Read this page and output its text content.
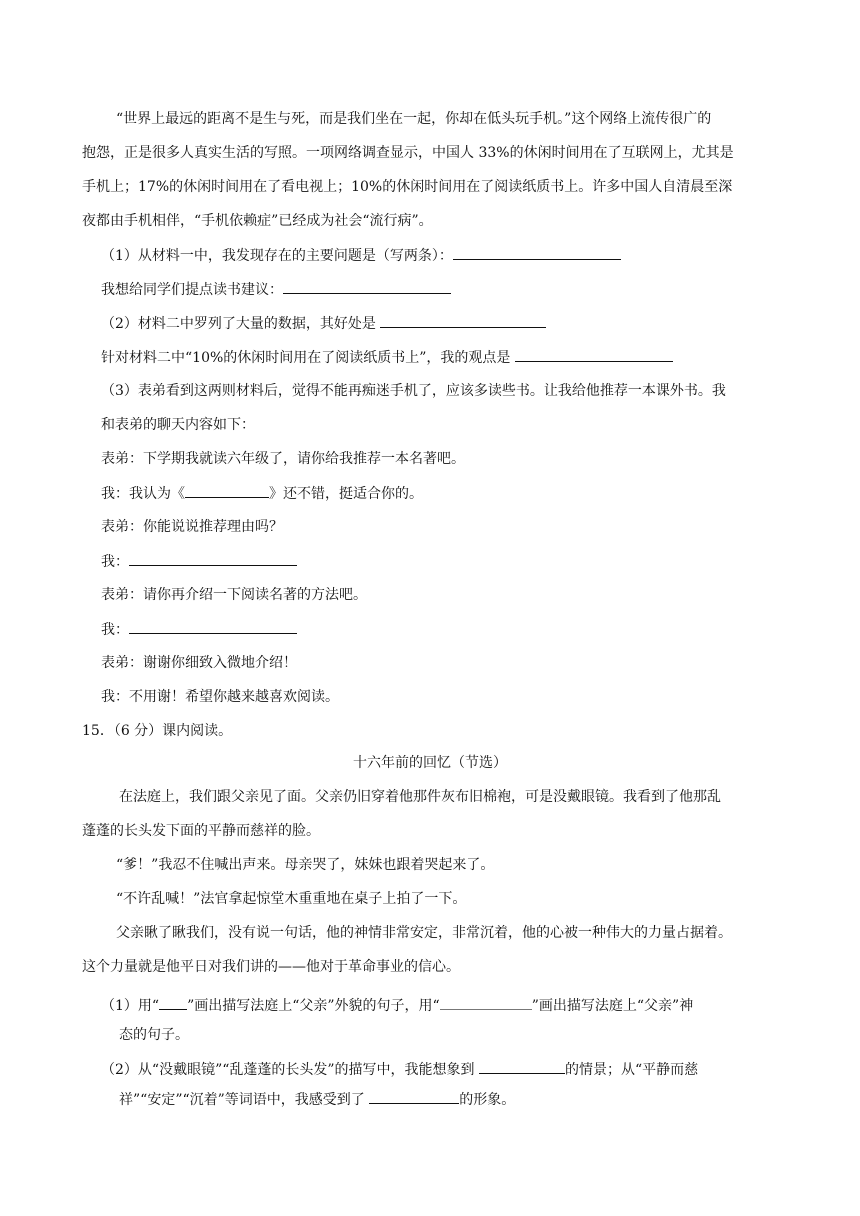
“世界上最远的距离不是生与死，而是我们坐在一起，你却在低头玩手机。”这个网络上流传很广的
抱怨，正是很多人真实生活的写照。一项网络调查显示，中国人 33%的休闲时间用在了互联网上，尤其是
手机上；17%的休闲时间用在了看电视上；10%的休闲时间用在了阅读纸质书上。许多中国人自清晨至深
夜都由手机相伴，“手机依赖症”已经成为社会“流行病”。
（1）从材料一中，我发现存在的主要问题是（写两条）：
我想给同学们提点读书建议：
（2）材料二中罗列了大量的数据，其好处是
针对材料二中“10%的休闲时间用在了阅读纸质书上”，我的观点是
（3）表弟看到这两则材料后，觉得不能再痴迷手机了，应该多读些书。让我给他推荐一本课外书。我
和表弟的聊天内容如下：
表弟：下学期我就读六年级了，请你给我推荐一本名著吧。
我：我认为《	》还不错，挺适合你的。
表弟：你能说说推荐理由吗？
我：
表弟：请你再介绍一下阅读名著的方法吧。
我：
表弟：谢谢你细致入微地介绍！
我：不用谢！希望你越来越喜欢阅读。
15．（6 分）课内阅读。
十六年前的回忆（节选）
在法庭上，我们跟父亲见了面。父亲仍旧穿着他那件灰布旧棉袍，可是没戴眼镜。我看到了他那乱
蓬蓬的长头发下面的平静而慈祥的脸。
“爹！”我忍不住喊出声来。母亲哭了，妹妹也跟着哭起来了。
“不许乱喊！”法官拿起惊堂木重重地在桌子上拍了一下。
父亲瞅了瞅我们，没有说一句话，他的神情非常安定，非常沉着，他的心被一种伟大的力量占据着。
这个力量就是他平日对我们讲的——他对于革命事业的信心。
（1）用“ ”画出描写法庭上“父亲”外貌的句子，用“	”画出描写法庭上“父亲”神
态的句子。
（2）从“没戴眼镜”“乱蓬蓬的长头发”的描写中，我能想象到	的情景；从“平静而慈
祥”“安定”“沉着”等词语中，我感受到了	的形象。
